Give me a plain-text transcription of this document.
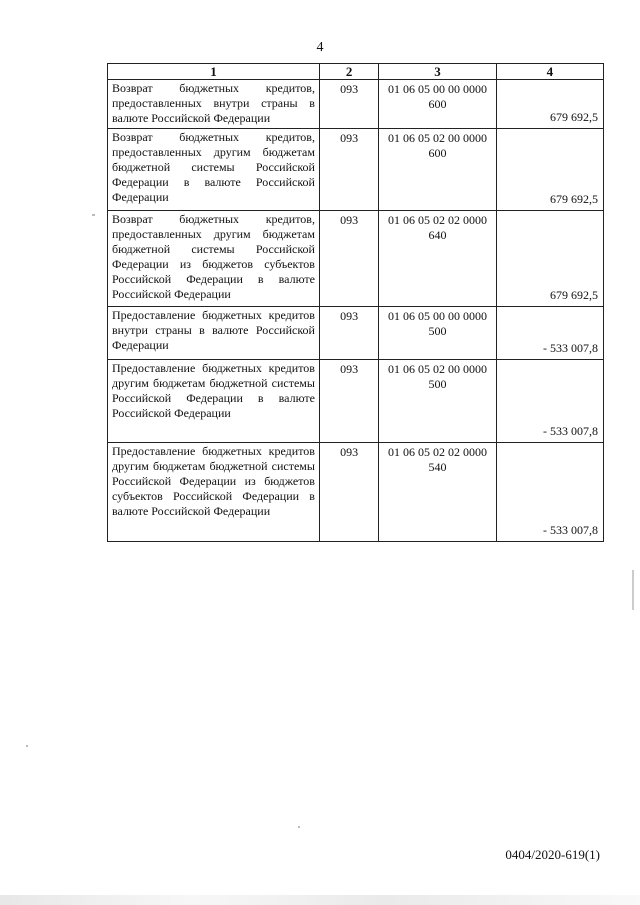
4
1	2	3	4
Возврат бюджетных кредитов, предоставленных внутри страны в валюте Российской Федерации	093	01 06 05 00 00 0000 600	679 692,5
Возврат бюджетных кредитов, предоставленных другим бюджетам бюджетной системы Российской Федерации в валюте Российской Федерации	093	01 06 05 02 00 0000 600	679 692,5
Возврат бюджетных кредитов, предоставленных другим бюджетам бюджетной системы Российской Федерации из бюджетов субъектов Российской Федерации в валюте Российской Федерации	093	01 06 05 02 02 0000 640	679 692,5
Предоставление бюджетных кредитов внутри страны в валюте Российской Федерации	093	01 06 05 00 00 0000 500	- 533 007,8
Предоставление бюджетных кредитов другим бюджетам бюджетной системы Российской Федерации в валюте Российской Федерации	093	01 06 05 02 00 0000 500	- 533 007,8
Предоставление бюджетных кредитов другим бюджетам бюджетной системы Российской Федерации из бюджетов субъектов Российской Федерации в валюте Российской Федерации	093	01 06 05 02 02 0000 540	- 533 007,8
0404/2020-619(1)
